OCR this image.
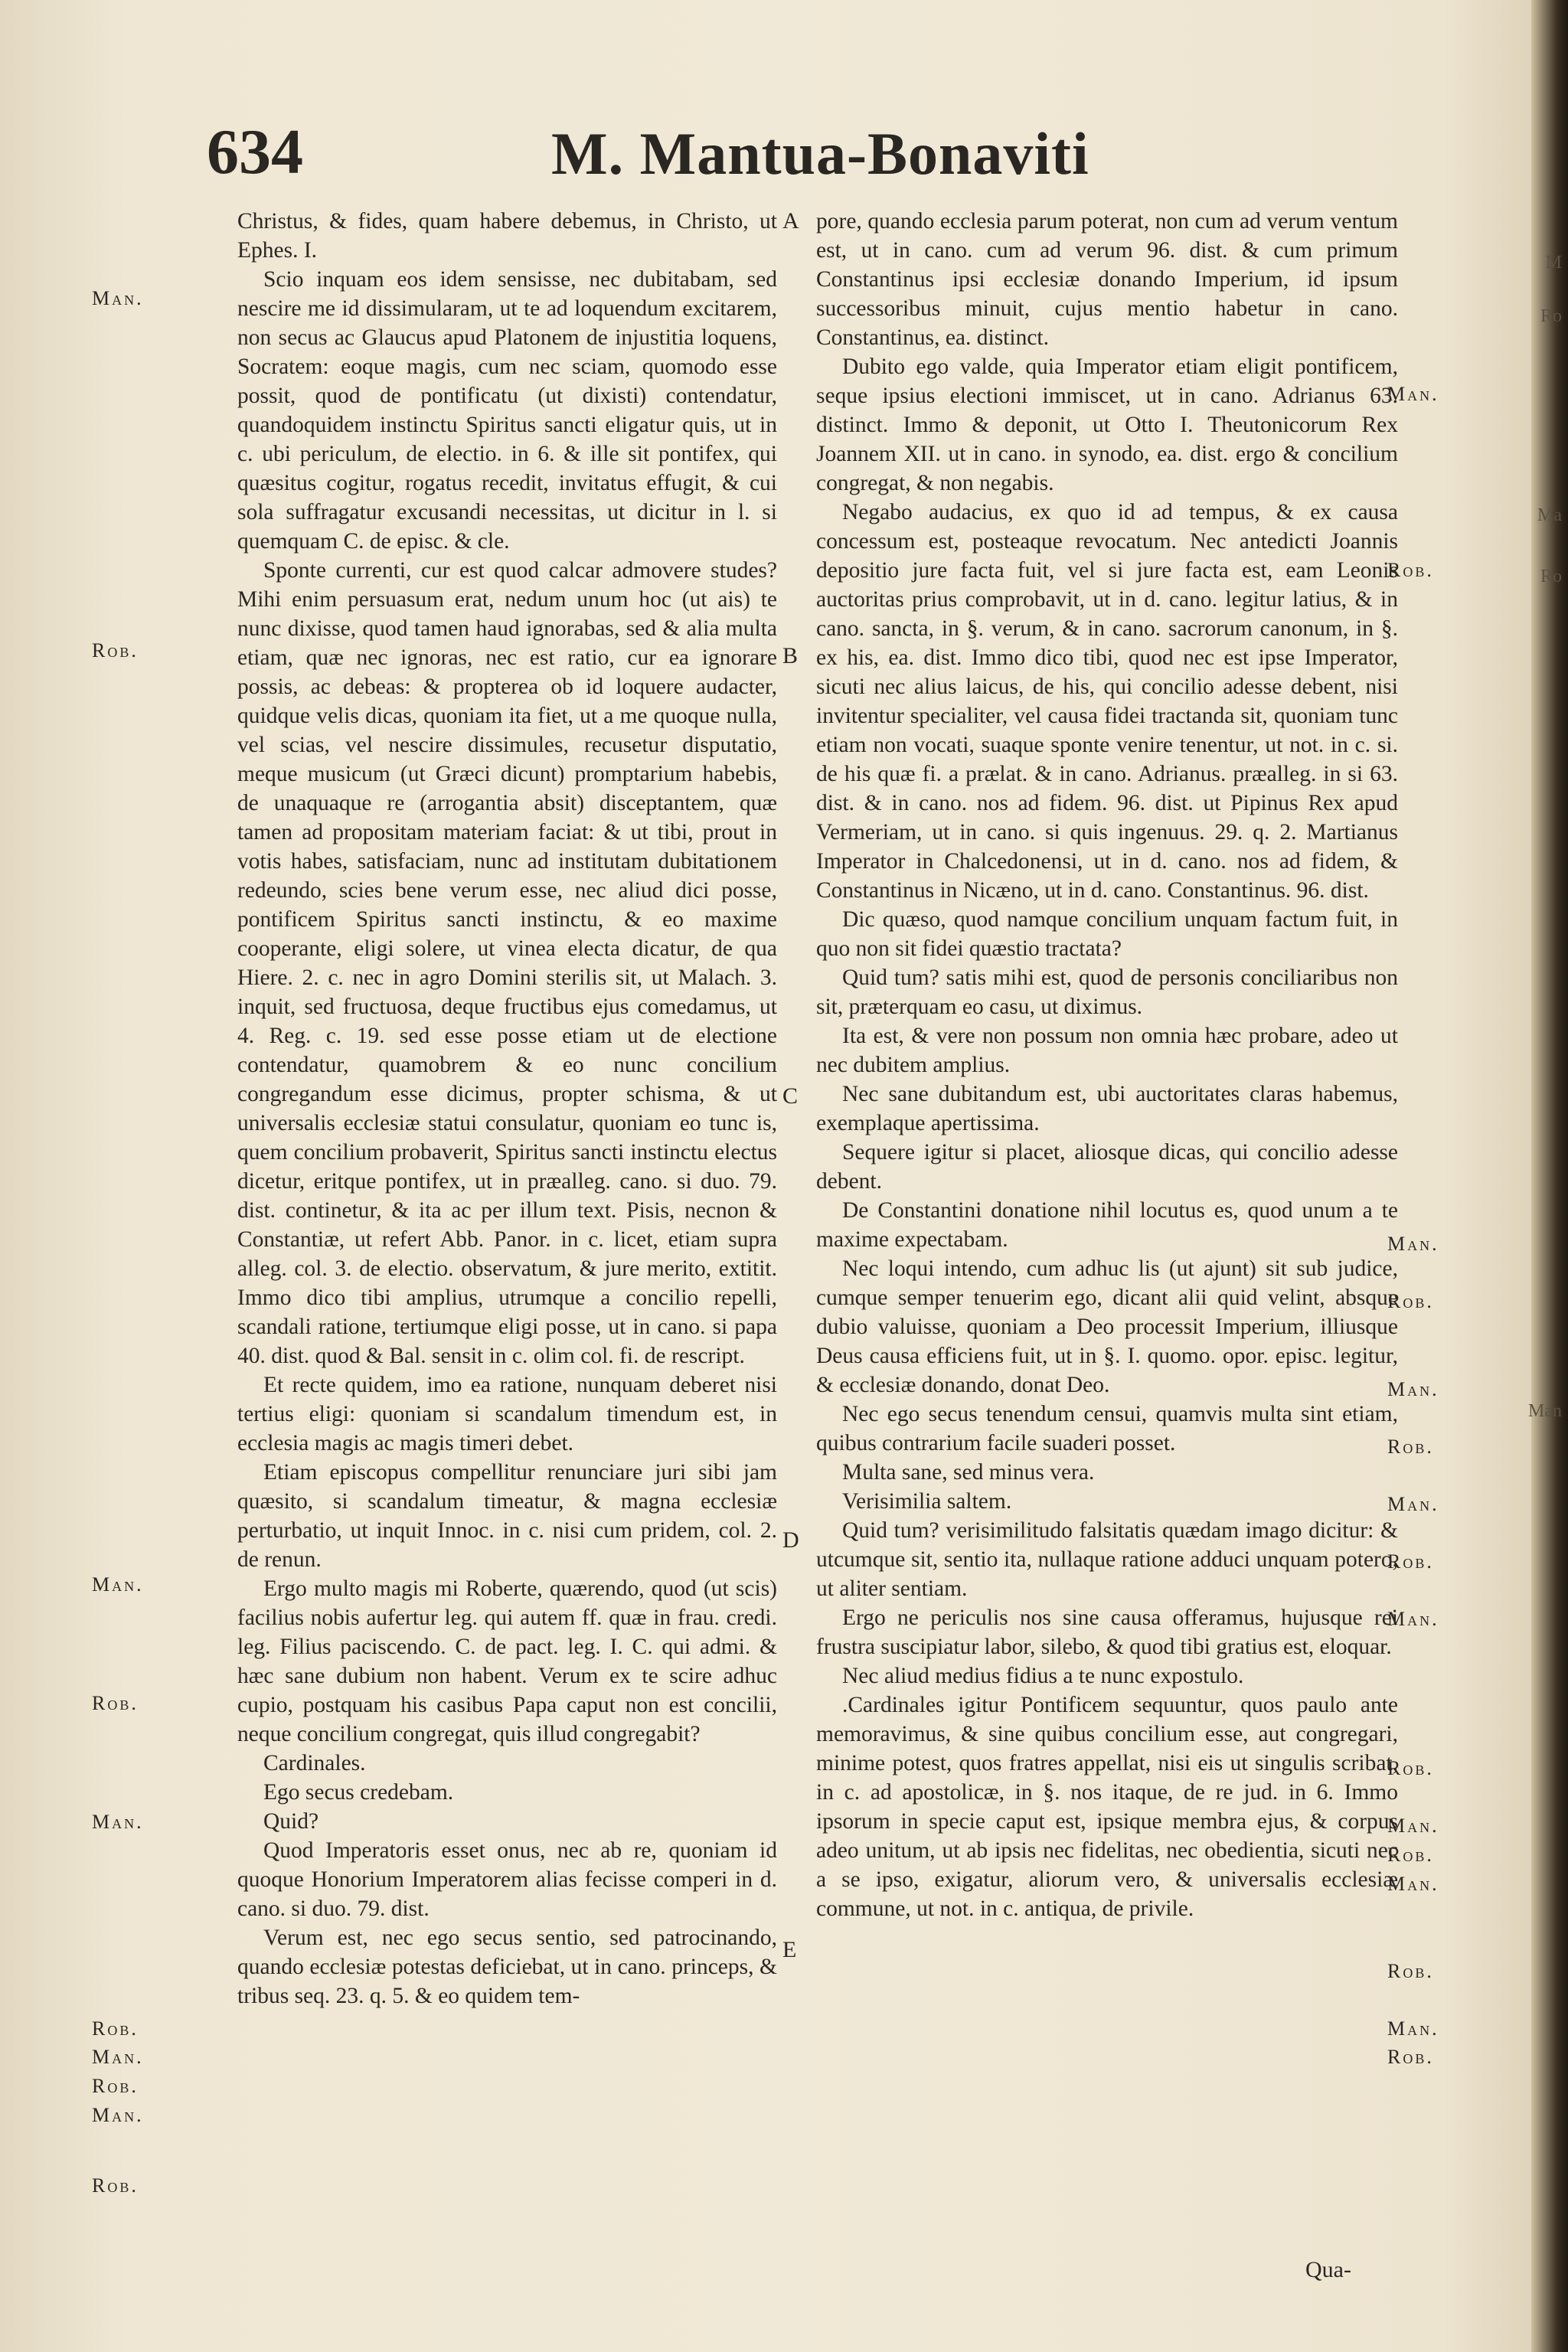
M
Ro
Ma
Ro
Man
634	M. Mantua-Bonaviti
Man.
Rob.
Man.
Rob.
Man.
Rob.
Man.
Rob.
Man.
Rob.
A
B
C
D
E
Man.
Rob.
Man.
Rob.
Man.
Rob.
Man.
Rob.
Man.
Rob.
Man.
Rob.
Man.
Rob.
Man.
Rob.

Christus, & fides, quam habere debemus, in Christo, ut Ephes. I.

Scio inquam eos idem sensisse, nec dubitabam, sed nescire me id dissimularam, ut te ad loquendum excitarem, non secus ac Glaucus apud Platonem de injustitia loquens, Socratem: eoque magis, cum nec sciam, quomodo esse possit, quod de pontificatu (ut dixisti) contendatur, quandoquidem instinctu Spiritus sancti eligatur quis, ut in c. ubi periculum, de electio. in 6. & ille sit pontifex, qui quæsitus cogitur, rogatus recedit, invitatus effugit, & cui sola suffragatur excusandi necessitas, ut dicitur in l. si quemquam C. de episc. & cle.

Sponte currenti, cur est quod calcar admovere studes? Mihi enim persuasum erat, nedum unum hoc (ut ais) te nunc dixisse, quod tamen haud ignorabas, sed & alia multa etiam, quæ nec ignoras, nec est ratio, cur ea ignorare possis, ac debeas: & propterea ob id loquere audacter, quidque velis dicas, quoniam ita fiet, ut a me quoque nulla, vel scias, vel nescire dissimules, recusetur disputatio, meque musicum (ut Græci dicunt) promptarium habebis, de unaquaque re (arrogantia absit) disceptantem, quæ tamen ad propositam materiam faciat: & ut tibi, prout in votis habes, satisfaciam, nunc ad institutam dubitationem redeundo, scies bene verum esse, nec aliud dici posse, pontificem Spiritus sancti instinctu, & eo maxime cooperante, eligi solere, ut vinea electa dicatur, de qua Hiere. 2. c. nec in agro Domini sterilis sit, ut Malach. 3. inquit, sed fructuosa, deque fructibus ejus comedamus, ut 4. Reg. c. 19. sed esse posse etiam ut de electione contendatur, quamobrem & eo nunc concilium congregandum esse dicimus, propter schisma, & ut universalis ecclesiæ statui consulatur, quoniam eo tunc is, quem concilium probaverit, Spiritus sancti instinctu electus dicetur, eritque pontifex, ut in præalleg. cano. si duo. 79. dist. continetur, & ita ac per illum text. Pisis, necnon & Constantiæ, ut refert Abb. Panor. in c. licet, etiam supra alleg. col. 3. de electio. observatum, & jure merito, extitit. Immo dico tibi amplius, utrumque a concilio repelli, scandali ratione, tertiumque eligi posse, ut in cano. si papa 40. dist. quod & Bal. sensit in c. olim col. fi. de rescript.

Et recte quidem, imo ea ratione, nunquam deberet nisi tertius eligi: quoniam si scandalum timendum est, in ecclesia magis ac magis timeri debet.

Etiam episcopus compellitur renunciare juri sibi jam quæsito, si scandalum timeatur, & magna ecclesiæ perturbatio, ut inquit Innoc. in c. nisi cum pridem, col. 2. de renun.

Ergo multo magis mi Roberte, quærendo, quod (ut scis) facilius nobis aufertur leg. qui autem ff. quæ in frau. credi. leg. Filius paciscendo. C. de pact. leg. I. C. qui admi. & hæc sane dubium non habent. Verum ex te scire adhuc cupio, postquam his casibus Papa caput non est concilii, neque concilium congregat, quis illud congregabit?

Cardinales.

Ego secus credebam.

Quid?

Quod Imperatoris esset onus, nec ab re, quoniam id quoque Honorium Imperatorem alias fecisse comperi in d. cano. si duo. 79. dist.

Verum est, nec ego secus sentio, sed patrocinando, quando ecclesiæ potestas deficiebat, ut in cano. princeps, & tribus seq. 23. q. 5. & eo quidem tem-

pore, quando ecclesia parum poterat, non cum ad verum ventum est, ut in cano. cum ad verum 96. dist. & cum primum Constantinus ipsi ecclesiæ donando Imperium, id ipsum successoribus minuit, cujus mentio habetur in cano. Constantinus, ea. distinct.

Dubito ego valde, quia Imperator etiam eligit pontificem, seque ipsius electioni immiscet, ut in cano. Adrianus 63. distinct. Immo & deponit, ut Otto I. Theutonicorum Rex Joannem XII. ut in cano. in synodo, ea. dist. ergo & concilium congregat, & non negabis.

Negabo audacius, ex quo id ad tempus, & ex causa concessum est, posteaque revocatum. Nec antedicti Joannis depositio jure facta fuit, vel si jure facta est, eam Leonis auctoritas prius comprobavit, ut in d. cano. legitur latius, & in cano. sancta, in §. verum, & in cano. sacrorum canonum, in §. ex his, ea. dist. Immo dico tibi, quod nec est ipse Imperator, sicuti nec alius laicus, de his, qui concilio adesse debent, nisi invitentur specialiter, vel causa fidei tractanda sit, quoniam tunc etiam non vocati, suaque sponte venire tenentur, ut not. in c. si. de his quæ fi. a prælat. & in cano. Adrianus. præalleg. in si 63. dist. & in cano. nos ad fidem. 96. dist. ut Pipinus Rex apud Vermeriam, ut in cano. si quis ingenuus. 29. q. 2. Martianus Imperator in Chalcedonensi, ut in d. cano. nos ad fidem, & Constantinus in Nicæno, ut in d. cano. Constantinus. 96. dist.

Dic quæso, quod namque concilium unquam factum fuit, in quo non sit fidei quæstio tractata?

Quid tum? satis mihi est, quod de personis conciliaribus non sit, præterquam eo casu, ut diximus.

Ita est, & vere non possum non omnia hæc probare, adeo ut nec dubitem amplius.

Nec sane dubitandum est, ubi auctoritates claras habemus, exemplaque apertissima.

Sequere igitur si placet, aliosque dicas, qui concilio adesse debent.

De Constantini donatione nihil locutus es, quod unum a te maxime expectabam.

Nec loqui intendo, cum adhuc lis (ut ajunt) sit sub judice, cumque semper tenuerim ego, dicant alii quid velint, absque dubio valuisse, quoniam a Deo processit Imperium, illiusque Deus causa efficiens fuit, ut in §. I. quomo. opor. episc. legitur, & ecclesiæ donando, donat Deo.

Nec ego secus tenendum censui, quamvis multa sint etiam, quibus contrarium facile suaderi posset.

Multa sane, sed minus vera.

Verisimilia saltem.

Quid tum? verisimilitudo falsitatis quædam imago dicitur: & utcumque sit, sentio ita, nullaque ratione adduci unquam potero, ut aliter sentiam.

Ergo ne periculis nos sine causa offeramus, hujusque rei frustra suscipiatur labor, silebo, & quod tibi gratius est, eloquar.

Nec aliud medius fidius a te nunc expostulo.

.Cardinales igitur Pontificem sequuntur, quos paulo ante memoravimus, & sine quibus concilium esse, aut congregari, minime potest, quos fratres appellat, nisi eis ut singulis scribat, in c. ad apostolicæ, in §. nos itaque, de re jud. in 6. Immo ipsorum in specie caput est, ipsique membra ejus, & corpus adeo unitum, ut ab ipsis nec fidelitas, nec obedientia, sicuti nec a se ipso, exigatur, aliorum vero, & universalis ecclesiæ commune, ut not. in c. antiqua, de privile.

Qua-
